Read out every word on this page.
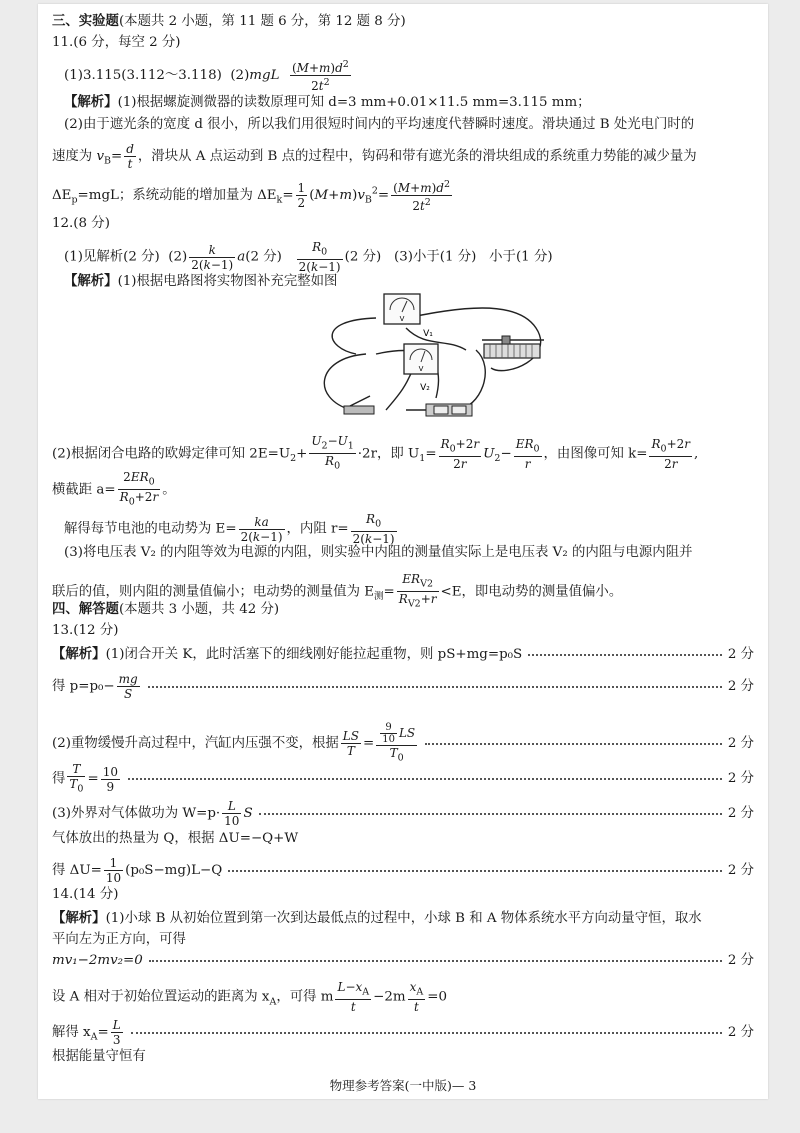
三、实验题(本题共 2 小题，第 11 题 6 分，第 12 题 8 分)
11.(6 分，每空 2 分)
(1)3.115(3.112～3.118) $(2)mgL \frac{(M+m)d^2}{2t^2}$
【解析】(1)根据螺旋测微器的读数原理可知 d=3 mm+0.01×11.5 mm=3.115 mm；
(2)由于遮光条的宽度 d 很小，所以我们用很短时间内的平均速度代替瞬时速度。滑块通过 B 处光电门时的
速度为 $v_B= \frac{d}{t}$ ，滑块从 A 点运动到 B 点的过程中，钩码和带有遮光条的滑块组成的系统重力势能的减少量为
$\Delta E_p=mgL$；系统动能的增加量为 $\Delta E_k= \frac{1}{2} (M+m)v_B^2= \frac{(M+m)d^2}{2t^2}$
12.(8 分)
(1)见解析(2 分) $(2) \frac{k}{2(k-1)} a(2$ 分) $\frac{R_0}{2(k-1)} (2$ 分) (3)小于(1 分) 小于(1 分)
【解析】(1)根据电路图将实物图补充完整如图
V
V₁
V
V₂
(2)根据闭合电路的欧姆定律可知 $2E=U_2+ \frac{U_2-U_1}{R_0} \cdot 2r$，即 $U_1= \frac{R_0+2r}{2r} U_2- \frac{ER_0}{r}$ ，由图像可知 $k= \frac{R_0+2r}{2r}$ ,
横截距 $a= \frac{2ER_0}{R_0+2r}$ 。
解得每节电池的电动势为 $E= \frac{ka}{2(k-1)}$ ，内阻 $r= \frac{R_0}{2(k-1)}$
(3)将电压表 V₂ 的内阻等效为电源的内阻，则实验中内阻的测量值实际上是电压表 V₂ 的内阻与电源内阻并
联后的值，则内阻的测量值偏小；电动势的测量值为 $E_测= \frac{ER_{V2}}{R_{V2}+r} <E$，即电动势的测量值偏小。
四、解答题(本题共 3 小题，共 42 分)
13.(12 分)
【解析】(1)闭合开关 K，此时活塞下的细线刚好能拉起重物，则 pS+mg=p₀S	2 分
得 $p=p_0- \frac{mg}{S}$	2 分
(2)重物缓慢升高过程中，汽缸内压强不变，根据 $\frac{LS}{T} = \frac{\frac{9}{10} LS}{T_0}$	2 分
得 $\frac{T}{T_0} = \frac{10}{9}$	2 分
(3)外界对气体做功为 $W=p\cdot \frac{L}{10}$ S	2 分
气体放出的热量为 Q，根据 ΔU=−Q+W
得 $\Delta U= \frac{1}{10} (p_0S-mg)L-Q$	2 分
14.(14 分)
【解析】(1)小球 B 从初始位置到第一次到达最低点的过程中，小球 B 和 A 物体系统水平方向动量守恒，取水
平向左为正方向，可得
mv₁−2mv₂=0	2 分
设 A 相对于初始位置运动的距离为 $x_A$，可得 m $\frac{L-x_A}{t} -2m \frac{x_A}{t} =0$
解得 $x_A= \frac{L}{3}$	2 分
根据能量守恒有
物理参考答案(一中版)— 3
